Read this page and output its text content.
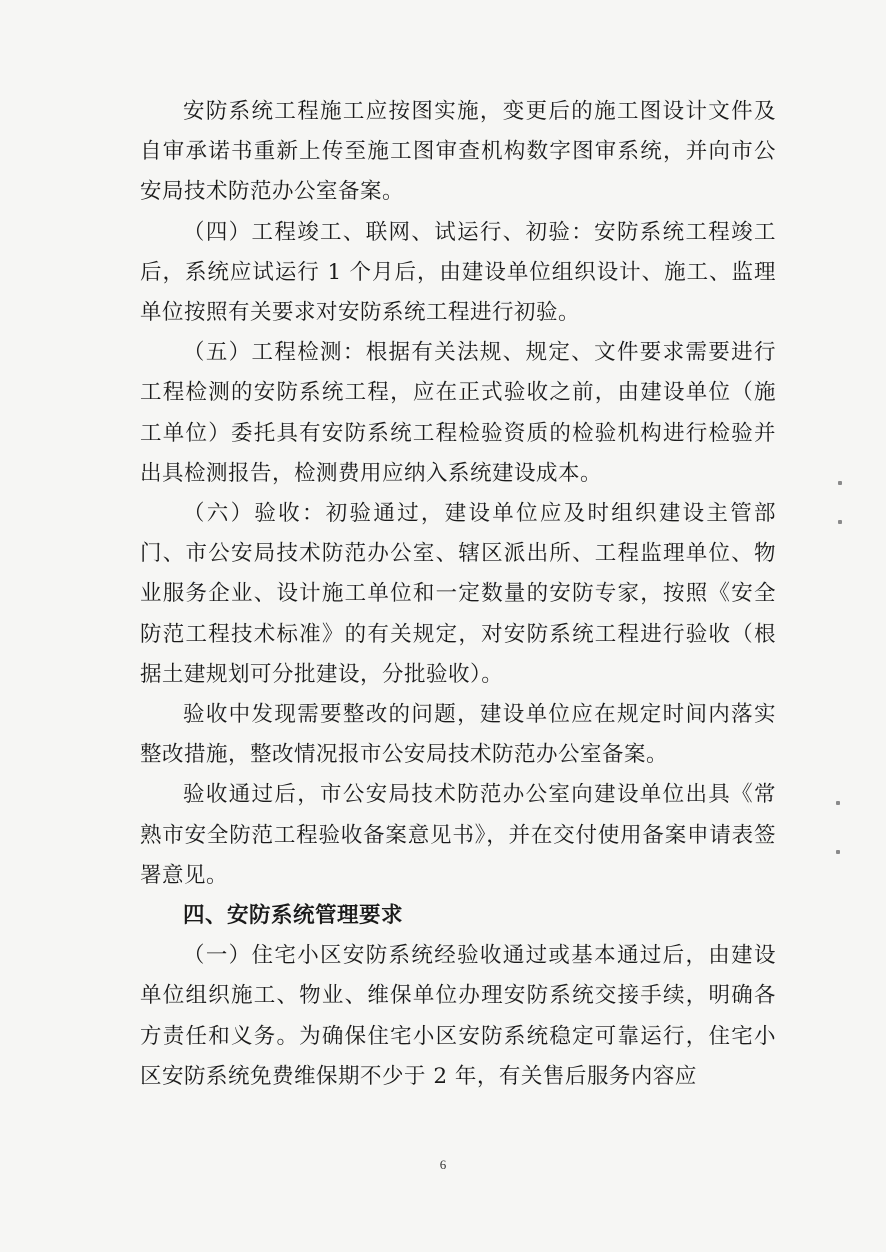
安防系统工程施工应按图实施，变更后的施工图设计文件及自审承诺书重新上传至施工图审查机构数字图审系统，并向市公安局技术防范办公室备案。

（四）工程竣工、联网、试运行、初验：安防系统工程竣工后，系统应试运行 1 个月后，由建设单位组织设计、施工、监理单位按照有关要求对安防系统工程进行初验。

（五）工程检测：根据有关法规、规定、文件要求需要进行工程检测的安防系统工程，应在正式验收之前，由建设单位（施工单位）委托具有安防系统工程检验资质的检验机构进行检验并出具检测报告，检测费用应纳入系统建设成本。

（六）验收：初验通过，建设单位应及时组织建设主管部门、市公安局技术防范办公室、辖区派出所、工程监理单位、物业服务企业、设计施工单位和一定数量的安防专家，按照《安全防范工程技术标准》的有关规定，对安防系统工程进行验收（根据土建规划可分批建设，分批验收）。

验收中发现需要整改的问题，建设单位应在规定时间内落实整改措施，整改情况报市公安局技术防范办公室备案。

验收通过后，市公安局技术防范办公室向建设单位出具《常熟市安全防范工程验收备案意见书》，并在交付使用备案申请表签署意见。

四、安防系统管理要求

（一）住宅小区安防系统经验收通过或基本通过后，由建设单位组织施工、物业、维保单位办理安防系统交接手续，明确各方责任和义务。为确保住宅小区安防系统稳定可靠运行，住宅小区安防系统免费维保期不少于 2 年，有关售后服务内容应

6
